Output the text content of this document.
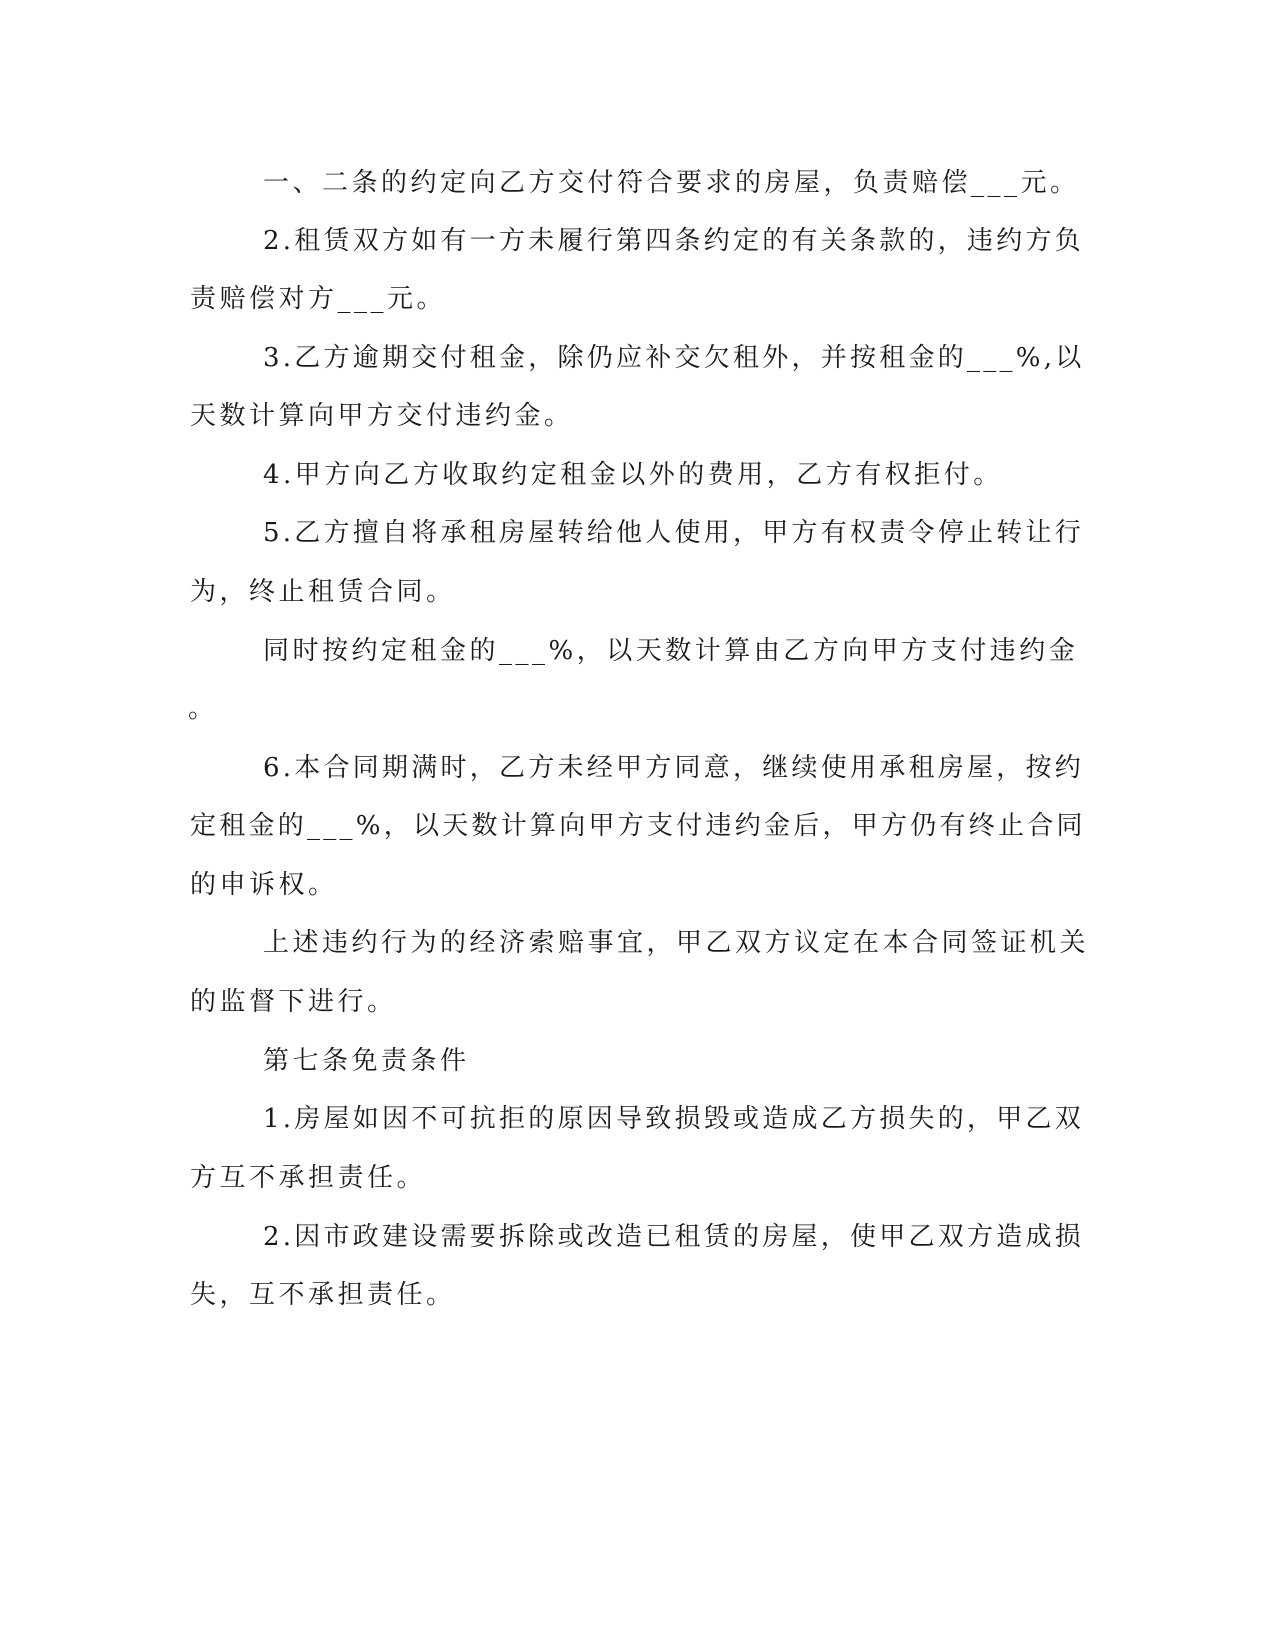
一、二条的约定向乙方交付符合要求的房屋，负责赔偿___元。

2.租赁双方如有一方未履行第四条约定的有关条款的，违约方负

责赔偿对方___元。

3.乙方逾期交付租金，除仍应补交欠租外，并按租金的___%,以

天数计算向甲方交付违约金。

4.甲方向乙方收取约定租金以外的费用，乙方有权拒付。

5.乙方擅自将承租房屋转给他人使用，甲方有权责令停止转让行

为，终止租赁合同。

同时按约定租金的___%，以天数计算由乙方向甲方支付违约金

。

6.本合同期满时，乙方未经甲方同意，继续使用承租房屋，按约

定租金的___%，以天数计算向甲方支付违约金后，甲方仍有终止合同

的申诉权。

上述违约行为的经济索赔事宜，甲乙双方议定在本合同签证机关

的监督下进行。

第七条免责条件

1.房屋如因不可抗拒的原因导致损毁或造成乙方损失的，甲乙双

方互不承担责任。

2.因市政建设需要拆除或改造已租赁的房屋，使甲乙双方造成损

失，互不承担责任。
